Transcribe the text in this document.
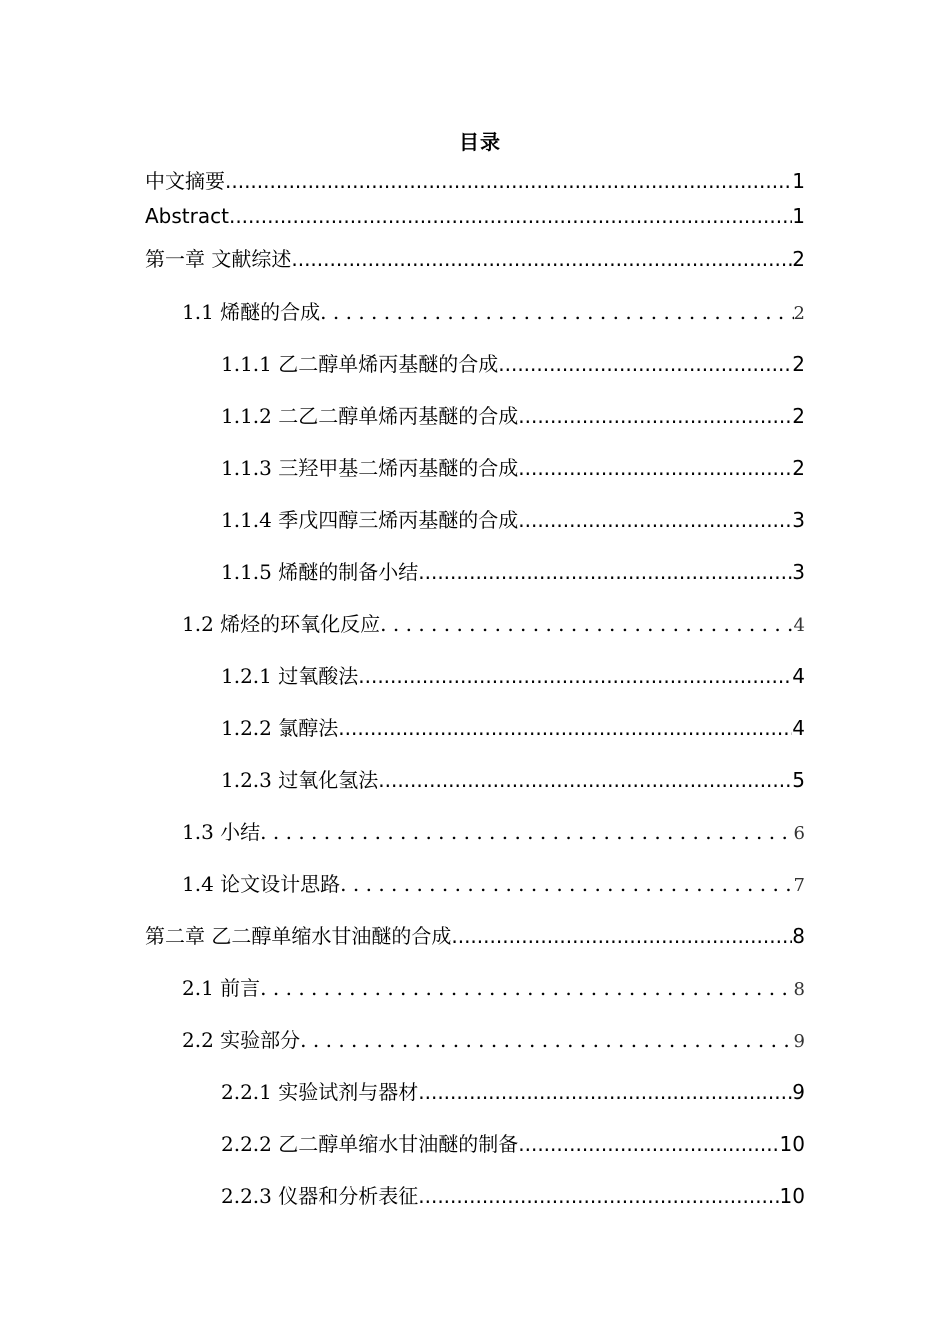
目录
中文摘要 .....	1
Abstract .....	1
第一章 文献综述 .....	2
1.1 烯醚的合成 . . .	2
1.1.1 乙二醇单烯丙基醚的合成 .....	2
1.1.2 二乙二醇单烯丙基醚的合成 .....	2
1.1.3 三羟甲基二烯丙基醚的合成 .....	2
1.1.4 季戊四醇三烯丙基醚的合成 .....	3
1.1.5 烯醚的制备小结 .....	3
1.2 烯烃的环氧化反应 . . .	4
1.2.1 过氧酸法 .....	4
1.2.2 氯醇法 .....	4
1.2.3 过氧化氢法 .....	5
1.3 小结 . . .	6
1.4 论文设计思路 . . .	7
第二章 乙二醇单缩水甘油醚的合成 .....	8
2.1 前言 . . .	8
2.2 实验部分 . . .	9
2.2.1 实验试剂与器材 .....	9
2.2.2 乙二醇单缩水甘油醚的制备 .....	10
2.2.3 仪器和分析表征 .....	10
